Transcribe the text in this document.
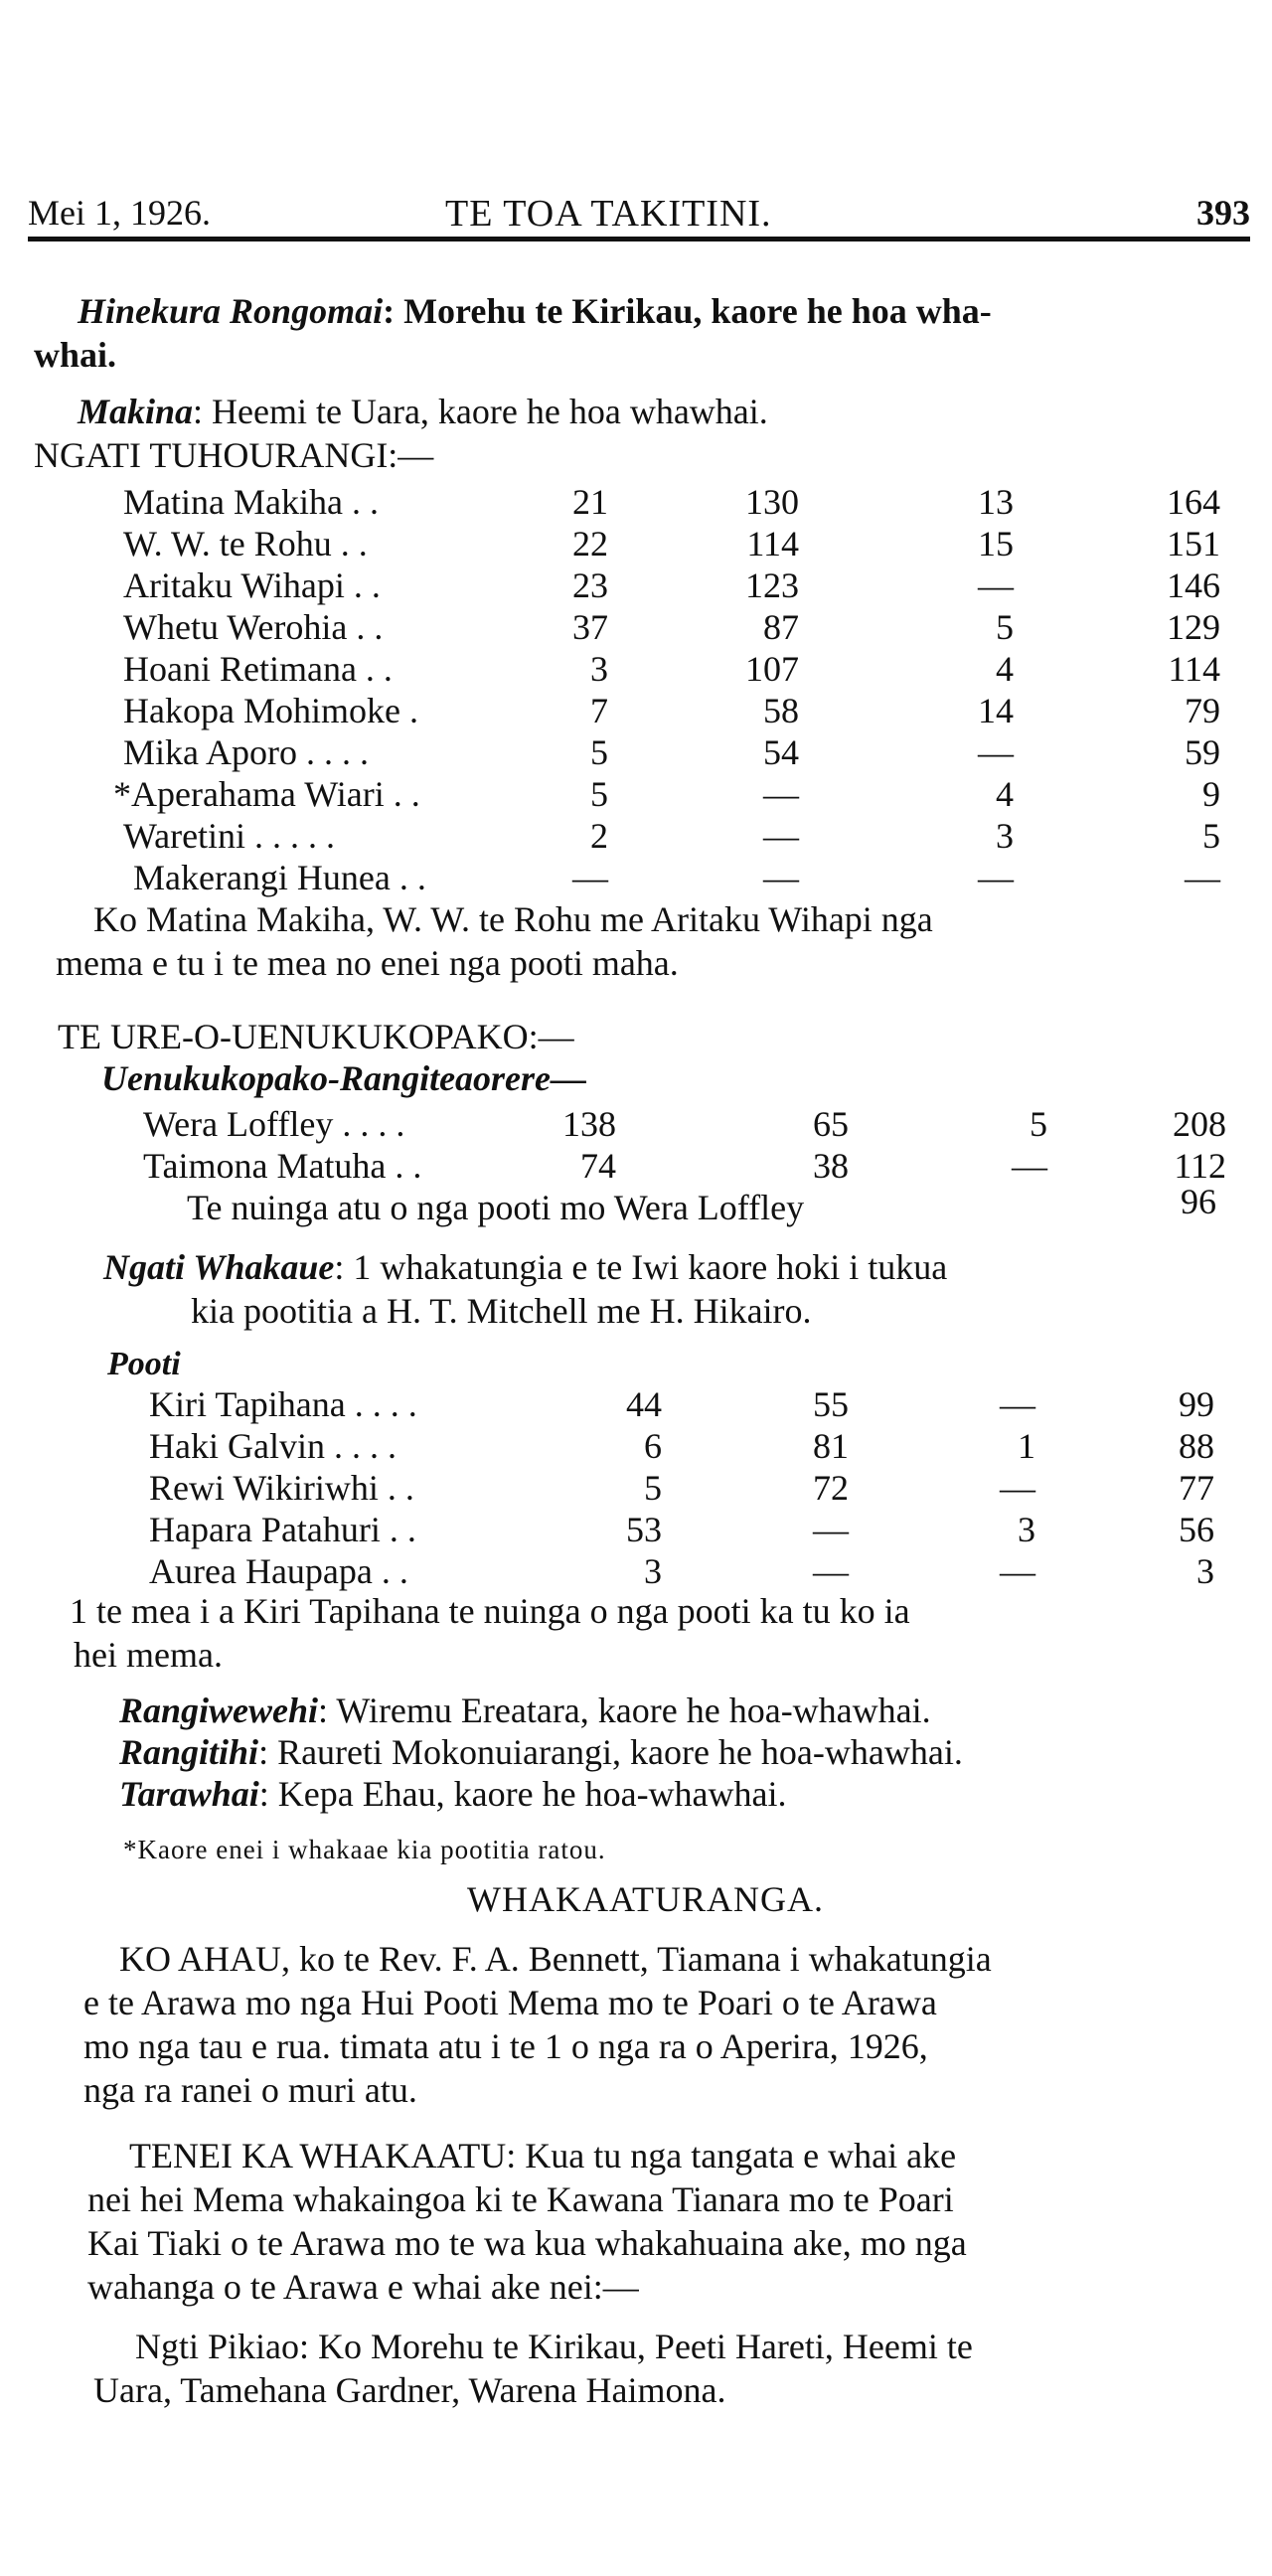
Mei 1, 1926.	TE TOA TAKITINI.	393
Hinekura Rongomai: Morehu te Kirikau, kaore he hoa wha-
whai.
Makina: Heemi te Uara, kaore he hoa whawhai.
NGATI TUHOURANGI:—
Matina Makiha . .	21	130	13	164
W. W. te Rohu . .	22	114	15	151
Aritaku Wihapi . .	23	123	—	146
Whetu Werohia . .	37	87	5	129
Hoani Retimana . .	3	107	4	114
Hakopa Mohimoke .	7	58	14	79
Mika Aporo . . . .	5	54	—	59
*Aperahama Wiari . .	5	—	4	9
Waretini . . . . .	2	—	3	5
Makerangi Hunea . .	—	—	—	—
Ko Matina Makiha, W. W. te Rohu me Aritaku Wihapi nga
mema e tu i te mea no enei nga pooti maha.
TE URE-O-UENUKUKOPAKO:—
Uenukukopako-Rangiteaorere—
Wera Loffley . . . .	138	65	5	208
Taimona Matuha . .	74	38	—	112
Te nuinga atu o nga pooti mo Wera Loffley	96
Ngati Whakaue: 1 whakatungia e te Iwi kaore hoki i tukua
kia pootitia a H. T. Mitchell me H. Hikairo.
Pooti
Kiri Tapihana . . . .	44	55	—	99
Haki Galvin . . . .	6	81	1	88
Rewi Wikiriwhi . .	5	72	—	77
Hapara Patahuri . .	53	—	3	56
Aurea Haupapa . .	3	—	—	3
1 te mea i a Kiri Tapihana te nuinga o nga pooti ka tu ko ia
hei mema.
Rangiwewehi: Wiremu Ereatara, kaore he hoa-whawhai.
Rangitihi: Raureti Mokonuiarangi, kaore he hoa-whawhai.
Tarawhai: Kepa Ehau, kaore he hoa-whawhai.
*Kaore enei i whakaae kia pootitia ratou.
WHAKAATURANGA.
KO AHAU, ko te Rev. F. A. Bennett, Tiamana i whakatungia
e te Arawa mo nga Hui Pooti Mema mo te Poari o te Arawa
mo nga tau e rua. timata atu i te 1 o nga ra o Aperira, 1926,
nga ra ranei o muri atu.
TENEI KA WHAKAATU: Kua tu nga tangata e whai ake
nei hei Mema whakaingoa ki te Kawana Tianara mo te Poari
Kai Tiaki o te Arawa mo te wa kua whakahuaina ake, mo nga
wahanga o te Arawa e whai ake nei:—
Ngti Pikiao: Ko Morehu te Kirikau, Peeti Hareti, Heemi te
Uara, Tamehana Gardner, Warena Haimona.
